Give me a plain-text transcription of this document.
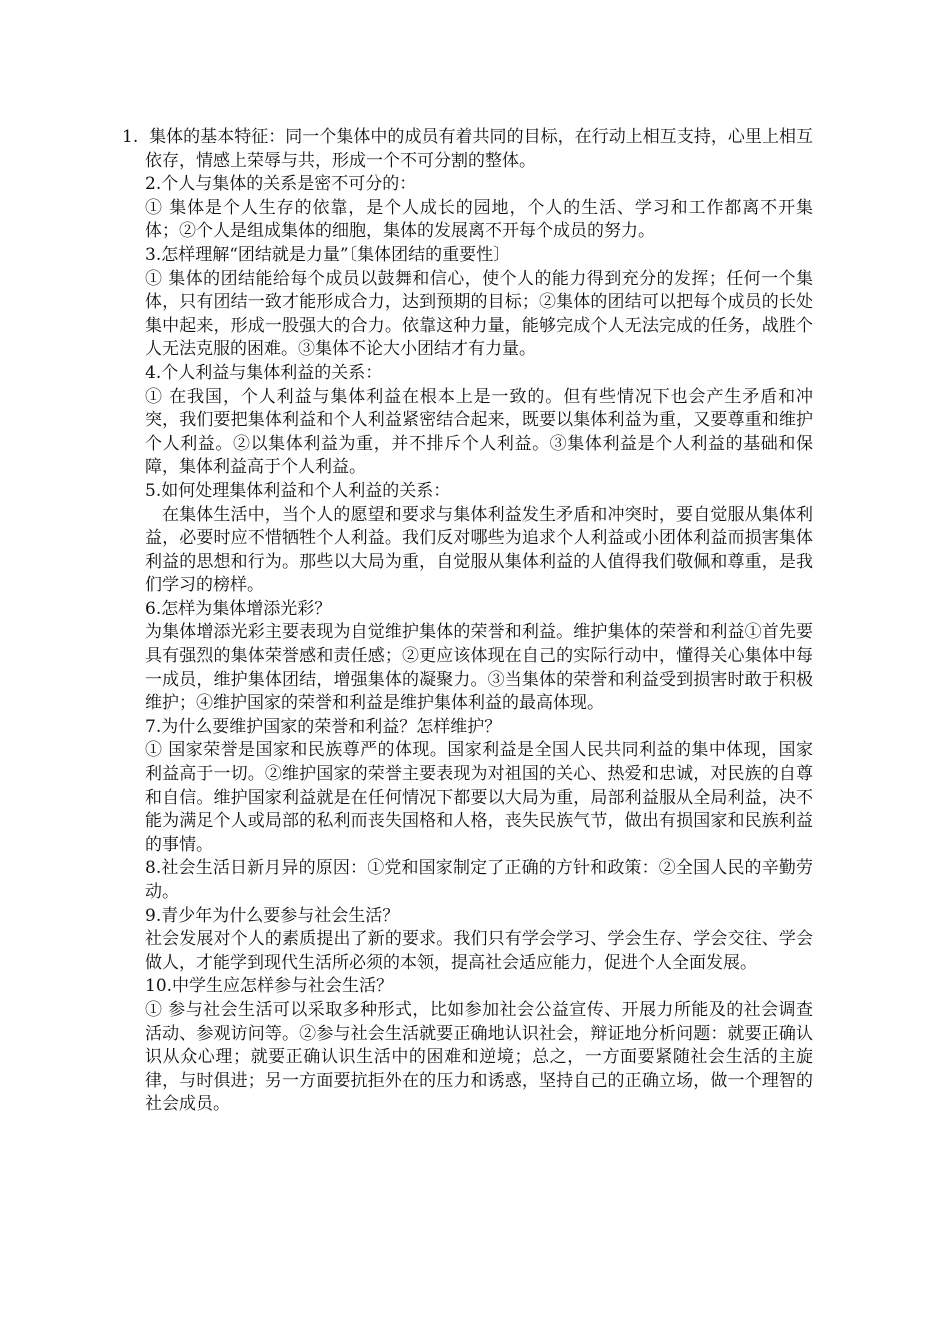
1.  集体的基本特征：同一个集体中的成员有着共同的目标，在行动上相互支持，心里上相互依存，情感上荣辱与共，形成一个不可分割的整体。

2.个人与集体的关系是密不可分的：

① 集体是个人生存的依靠，是个人成长的园地，个人的生活、学习和工作都离不开集体；②个人是组成集体的细胞，集体的发展离不开每个成员的努力。

3.怎样理解“团结就是力量”〔集体团结的重要性〕

① 集体的团结能给每个成员以鼓舞和信心，使个人的能力得到充分的发挥；任何一个集体，只有团结一致才能形成合力，达到预期的目标；②集体的团结可以把每个成员的长处集中起来，形成一股强大的合力。依靠这种力量，能够完成个人无法完成的任务，战胜个人无法克服的困难。③集体不论大小团结才有力量。

4.个人利益与集体利益的关系：

① 在我国，个人利益与集体利益在根本上是一致的。但有些情况下也会产生矛盾和冲突，我们要把集体利益和个人利益紧密结合起来，既要以集体利益为重，又要尊重和维护个人利益。②以集体利益为重，并不排斥个人利益。③集体利益是个人利益的基础和保障，集体利益高于个人利益。

5.如何处理集体利益和个人利益的关系：

在集体生活中，当个人的愿望和要求与集体利益发生矛盾和冲突时，要自觉服从集体利益，必要时应不惜牺牲个人利益。我们反对哪些为追求个人利益或小团体利益而损害集体利益的思想和行为。那些以大局为重，自觉服从集体利益的人值得我们敬佩和尊重，是我们学习的榜样。

6.怎样为集体增添光彩？

为集体增添光彩主要表现为自觉维护集体的荣誉和利益。维护集体的荣誉和利益①首先要具有强烈的集体荣誉感和责任感；②更应该体现在自己的实际行动中，懂得关心集体中每一成员，维护集体团结，增强集体的凝聚力。③当集体的荣誉和利益受到损害时敢于积极维护；④维护国家的荣誉和利益是维护集体利益的最高体现。

7.为什么要维护国家的荣誉和利益？怎样维护？

① 国家荣誉是国家和民族尊严的体现。国家利益是全国人民共同利益的集中体现，国家利益高于一切。②维护国家的荣誉主要表现为对祖国的关心、热爱和忠诚，对民族的自尊和自信。维护国家利益就是在任何情况下都要以大局为重，局部利益服从全局利益，决不能为满足个人或局部的私利而丧失国格和人格，丧失民族气节，做出有损国家和民族利益的事情。

8.社会生活日新月异的原因：①党和国家制定了正确的方针和政策：②全国人民的辛勤劳动。

9.青少年为什么要参与社会生活？

社会发展对个人的素质提出了新的要求。我们只有学会学习、学会生存、学会交往、学会做人，才能学到现代生活所必须的本领，提高社会适应能力，促进个人全面发展。

10.中学生应怎样参与社会生活？

① 参与社会生活可以采取多种形式，比如参加社会公益宣传、开展力所能及的社会调查活动、参观访问等。②参与社会生活就要正确地认识社会，辩证地分析问题：就要正确认识从众心理；就要正确认识生活中的困难和逆境；总之，一方面要紧随社会生活的主旋律，与时俱进；另一方面要抗拒外在的压力和诱惑，坚持自己的正确立场，做一个理智的社会成员。
